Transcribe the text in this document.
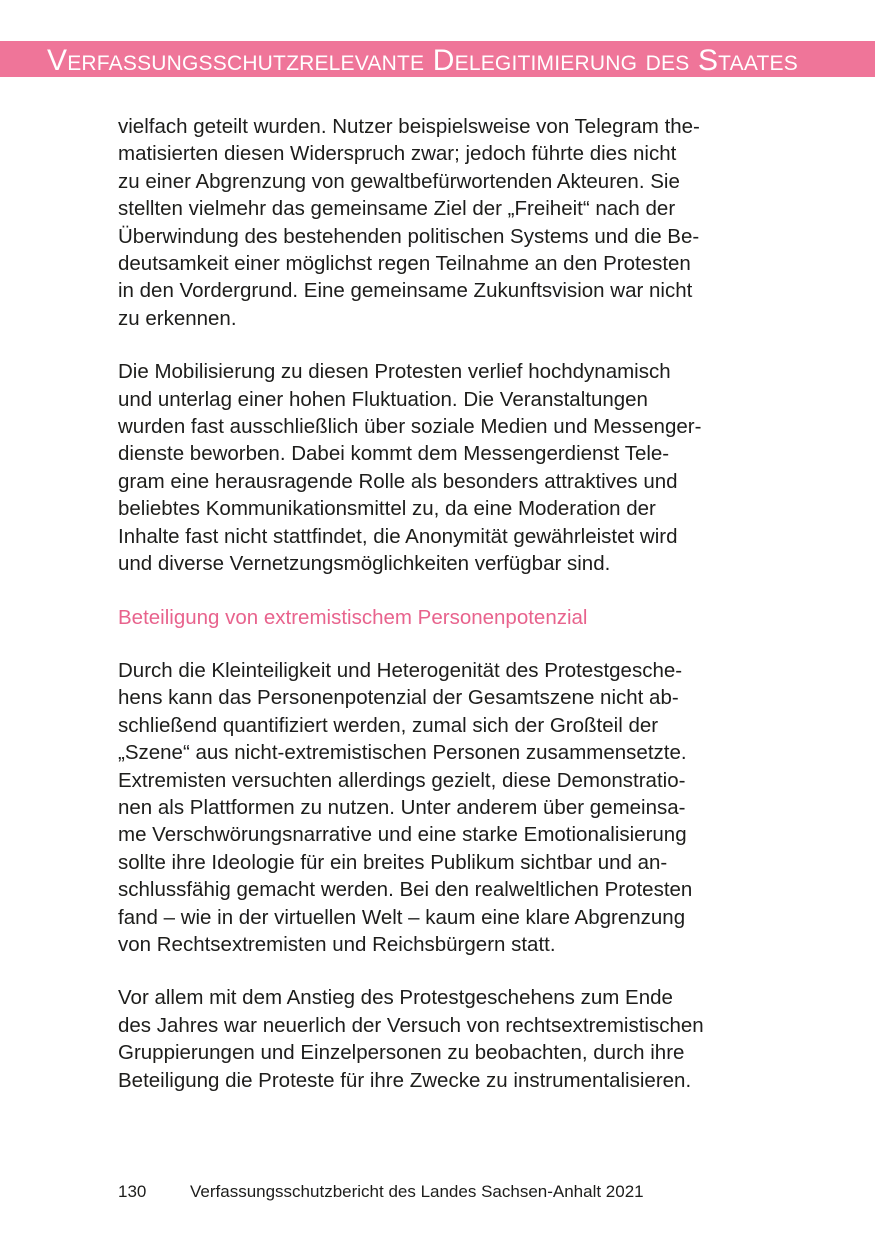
Verfassungsschutzrelevante Delegitimierung des Staates

vielfach geteilt wurden. Nutzer beispielsweise von Telegram the-
matisierten diesen Widerspruch zwar; jedoch führte dies nicht
zu einer Abgrenzung von gewaltbefürwortenden Akteuren. Sie
stellten vielmehr das gemeinsame Ziel der „Freiheit“ nach der
Überwindung des bestehenden politischen Systems und die Be-
deutsamkeit einer möglichst regen Teilnahme an den Protesten
in den Vordergrund. Eine gemeinsame Zukunftsvision war nicht
zu erkennen.

Die Mobilisierung zu diesen Protesten verlief hochdynamisch
und unterlag einer hohen Fluktuation. Die Veranstaltungen
wurden fast ausschließlich über soziale Medien und Messenger-
dienste beworben. Dabei kommt dem Messengerdienst Tele-
gram eine herausragende Rolle als besonders attraktives und
beliebtes Kommunikationsmittel zu, da eine Moderation der
Inhalte fast nicht stattfindet, die Anonymität gewährleistet wird
und diverse Vernetzungsmöglichkeiten verfügbar sind.

Beteiligung von extremistischem Personenpotenzial

Durch die Kleinteiligkeit und Heterogenität des Protestgesche-
hens kann das Personenpotenzial der Gesamtszene nicht ab-
schließend quantifiziert werden, zumal sich der Großteil der
„Szene“ aus nicht-extremistischen Personen zusammensetzte.
Extremisten versuchten allerdings gezielt, diese Demonstratio-
nen als Plattformen zu nutzen. Unter anderem über gemeinsa-
me Verschwörungsnarrative und eine starke Emotionalisierung
sollte ihre Ideologie für ein breites Publikum sichtbar und an-
schlussfähig gemacht werden. Bei den realweltlichen Protesten
fand – wie in der virtuellen Welt – kaum eine klare Abgrenzung
von Rechtsextremisten und Reichsbürgern statt.

Vor allem mit dem Anstieg des Protestgeschehens zum Ende
des Jahres war neuerlich der Versuch von rechtsextremistischen
Gruppierungen und Einzelpersonen zu beobachten, durch ihre
Beteiligung die Proteste für ihre Zwecke zu instrumentalisieren.

130	Verfassungsschutzbericht des Landes Sachsen-Anhalt 2021
